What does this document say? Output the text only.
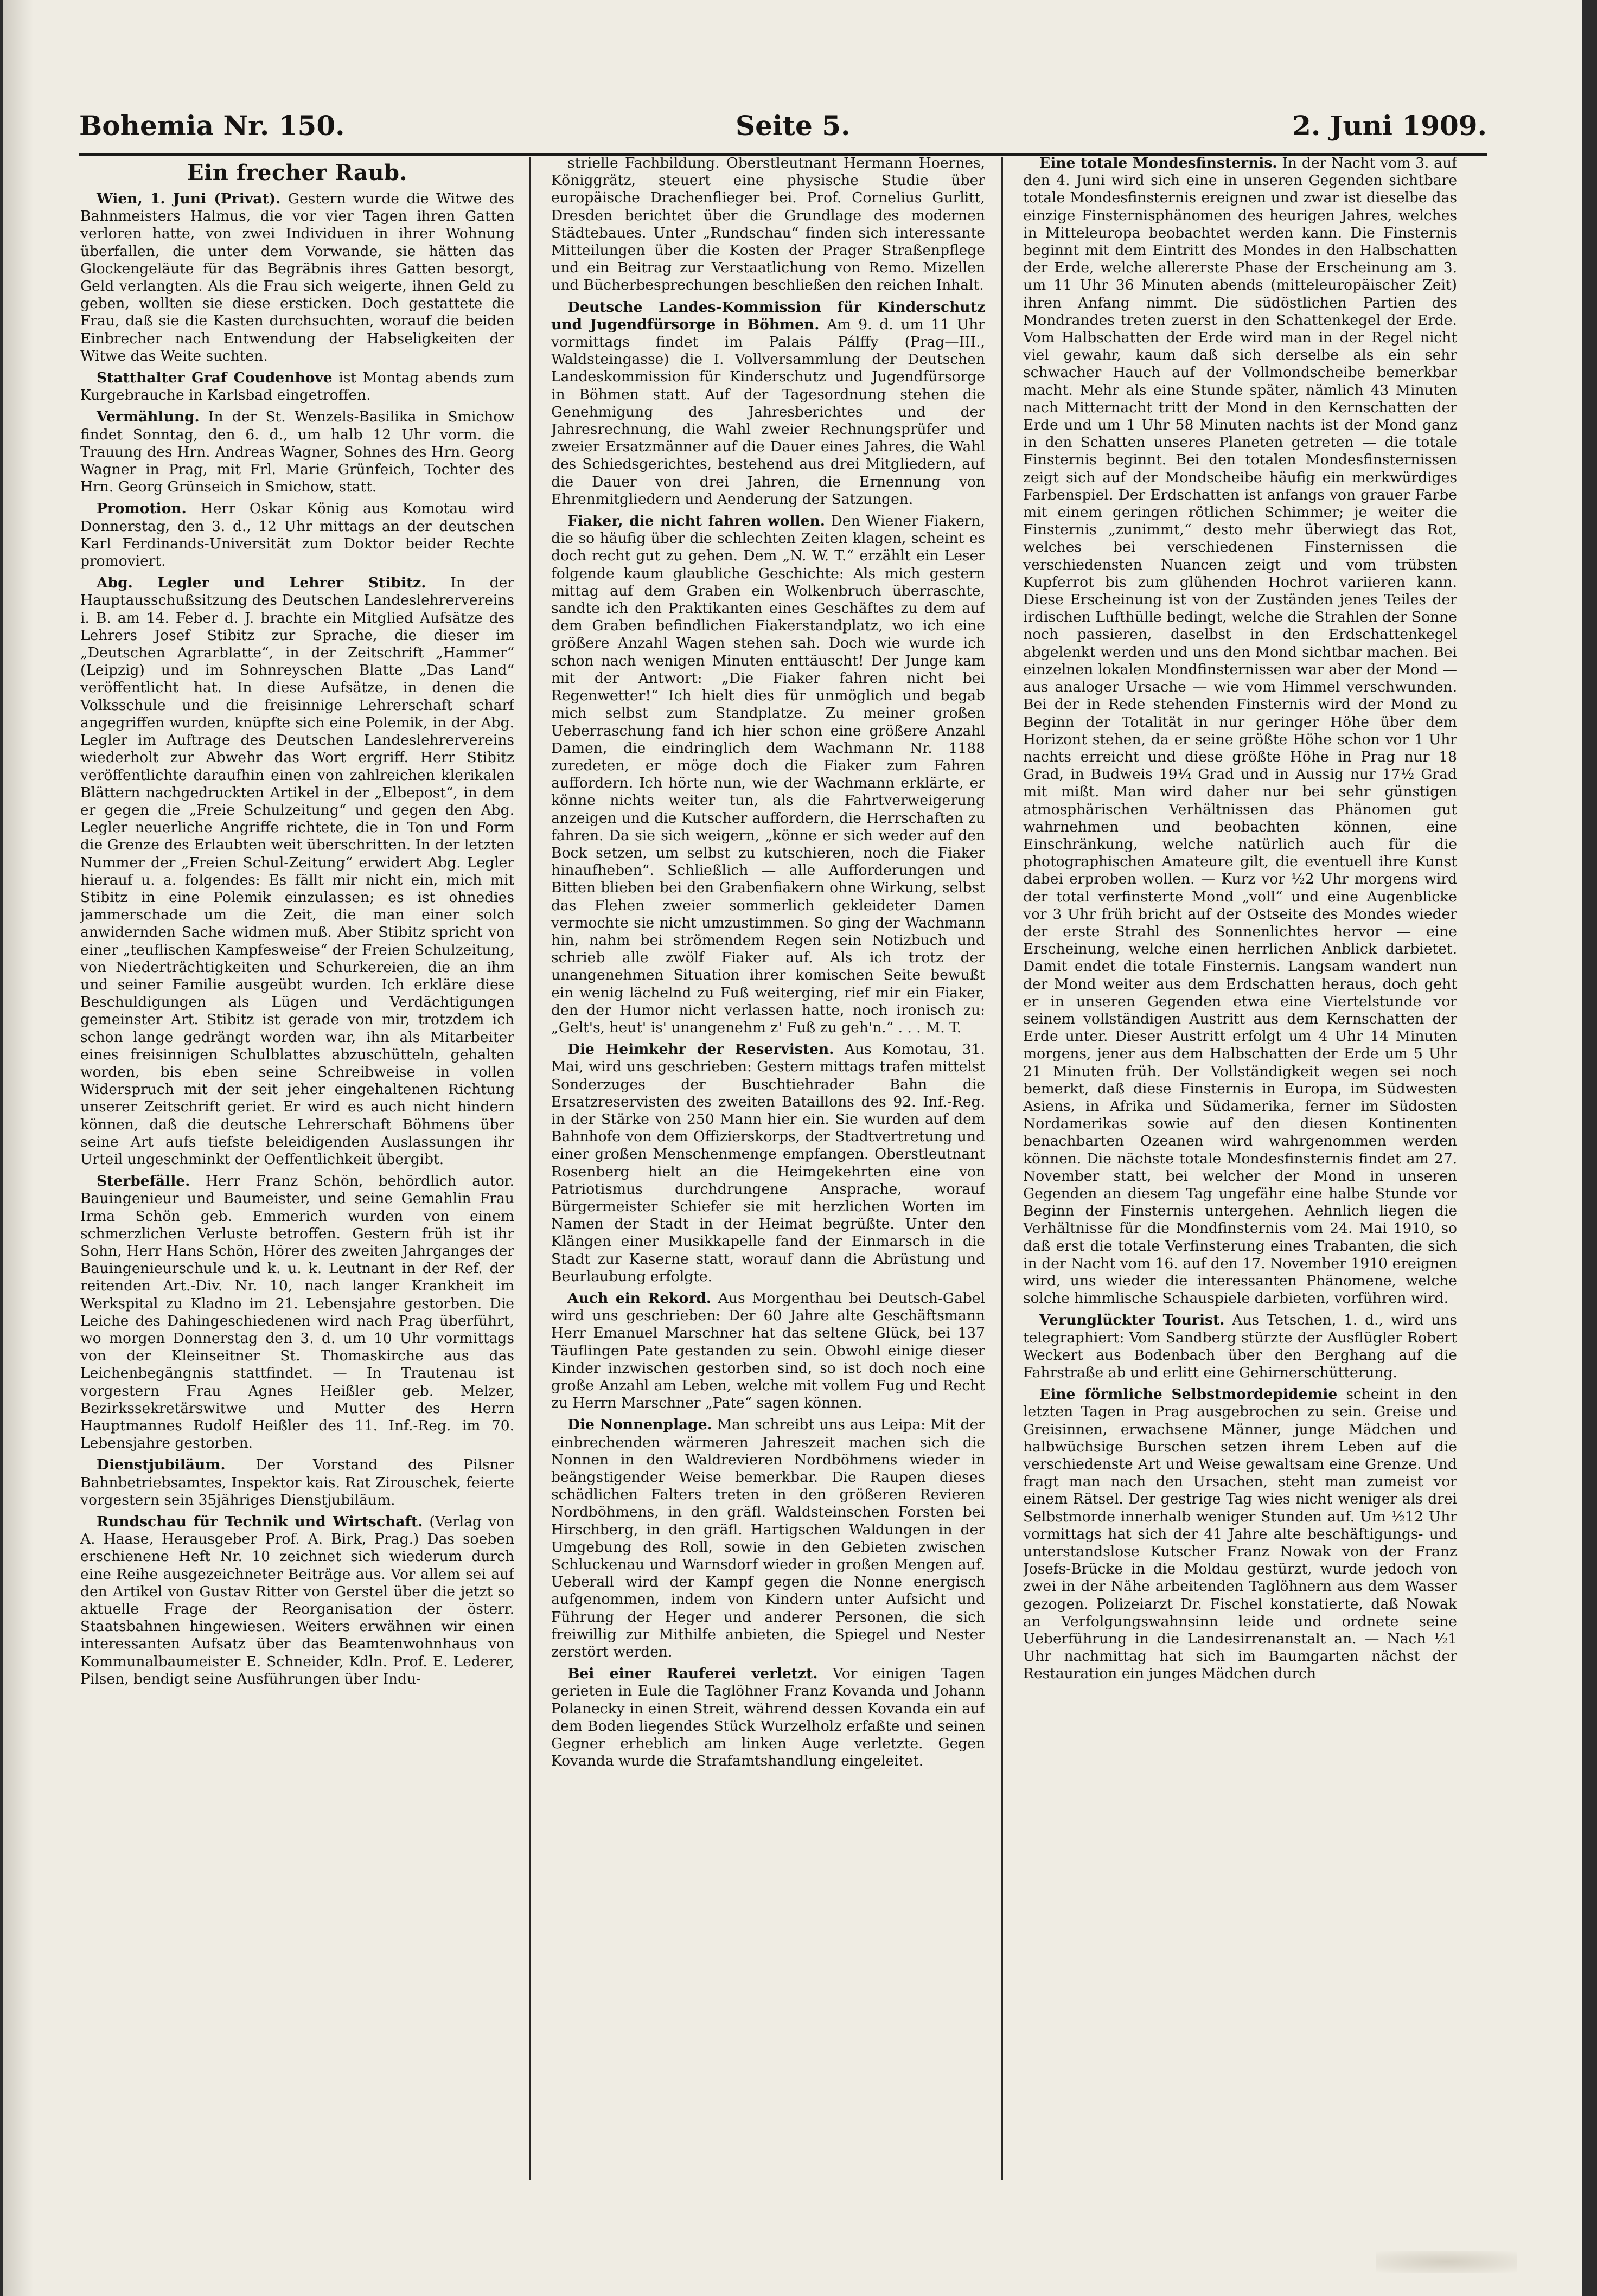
Bohemia Nr. 150.	Seite 5.	2. Juni 1909.
Ein frecher Raub.

Wien, 1. Juni (Privat). Gestern wurde die Witwe des Bahnmeisters Halmus, die vor vier Tagen ihren Gatten verloren hatte, von zwei Individuen in ihrer Wohnung überfallen, die unter dem Vorwande, sie hätten das Glockengeläute für das Begräbnis ihres Gatten besorgt, Geld verlangten. Als die Frau sich weigerte, ihnen Geld zu geben, wollten sie diese ersticken. Doch gestattete die Frau, daß sie die Kasten durchsuchten, worauf die beiden Einbrecher nach Entwendung der Habseligkeiten der Witwe das Weite suchten.

Statthalter Graf Coudenhove ist Montag abends zum Kurgebrauche in Karlsbad eingetroffen.

Vermählung. In der St. Wenzels-Basilika in Smichow findet Sonntag, den 6. d., um halb 12 Uhr vorm. die Trauung des Hrn. Andreas Wagner, Sohnes des Hrn. Georg Wagner in Prag, mit Frl. Marie Grünfeich, Tochter des Hrn. Georg Grünseich in Smichow, statt.

Promotion. Herr Oskar König aus Komotau wird Donnerstag, den 3. d., 12 Uhr mittags an der deutschen Karl Ferdinands-Universität zum Doktor beider Rechte promoviert.

Abg. Legler und Lehrer Stibitz. In der Hauptausschußsitzung des Deutschen Landeslehrervereins i. B. am 14. Feber d. J. brachte ein Mitglied Aufsätze des Lehrers Josef Stibitz zur Sprache, die dieser im „Deutschen Agrarblatte“, in der Zeitschrift „Hammer“ (Leipzig) und im Sohnreyschen Blatte „Das Land“ veröffentlicht hat. In diese Aufsätze, in denen die Volksschule und die freisinnige Lehrerschaft scharf angegriffen wurden, knüpfte sich eine Polemik, in der Abg. Legler im Auftrage des Deutschen Landeslehrervereins wiederholt zur Abwehr das Wort ergriff. Herr Stibitz veröffentlichte daraufhin einen von zahlreichen klerikalen Blättern nachgedruckten Artikel in der „Elbepost“, in dem er gegen die „Freie Schulzeitung“ und gegen den Abg. Legler neuerliche Angriffe richtete, die in Ton und Form die Grenze des Erlaubten weit überschritten. In der letzten Nummer der „Freien Schul-Zeitung“ erwidert Abg. Legler hierauf u. a. folgendes: Es fällt mir nicht ein, mich mit Stibitz in eine Polemik einzulassen; es ist ohnedies jammerschade um die Zeit, die man einer solch anwidernden Sache widmen muß. Aber Stibitz spricht von einer „teuflischen Kampfesweise“ der Freien Schulzeitung, von Niederträchtigkeiten und Schurkereien, die an ihm und seiner Familie ausgeübt wurden. Ich erkläre diese Beschuldigungen als Lügen und Verdächtigungen gemeinster Art. Stibitz ist gerade von mir, trotzdem ich schon lange gedrängt worden war, ihn als Mitarbeiter eines freisinnigen Schulblattes abzuschütteln, gehalten worden, bis eben seine Schreibweise in vollen Widerspruch mit der seit jeher eingehaltenen Richtung unserer Zeitschrift geriet. Er wird es auch nicht hindern können, daß die deutsche Lehrerschaft Böhmens über seine Art aufs tiefste beleidigenden Auslassungen ihr Urteil ungeschminkt der Oeffentlichkeit übergibt.

Sterbefälle. Herr Franz Schön, behördlich autor. Bauingenieur und Baumeister, und seine Gemahlin Frau Irma Schön geb. Emmerich wurden von einem schmerzlichen Verluste betroffen. Gestern früh ist ihr Sohn, Herr Hans Schön, Hörer des zweiten Jahrganges der Bauingenieurschule und k. u. k. Leutnant in der Ref. der reitenden Art.-Div. Nr. 10, nach langer Krankheit im Werkspital zu Kladno im 21. Lebensjahre gestorben. Die Leiche des Dahingeschiedenen wird nach Prag überführt, wo morgen Donnerstag den 3. d. um 10 Uhr vormittags von der Kleinseitner St. Thomaskirche aus das Leichenbegängnis stattfindet. — In Trautenau ist vorgestern Frau Agnes Heißler geb. Melzer, Bezirkssekretärswitwe und Mutter des Herrn Hauptmannes Rudolf Heißler des 11. Inf.-Reg. im 70. Lebensjahre gestorben.

Dienstjubiläum. Der Vorstand des Pilsner Bahnbetriebsamtes, Inspektor kais. Rat Zirouschek, feierte vorgestern sein 35jähriges Dienstjubiläum.

Rundschau für Technik und Wirtschaft. (Verlag von A. Haase, Herausgeber Prof. A. Birk, Prag.) Das soeben erschienene Heft Nr. 10 zeichnet sich wiederum durch eine Reihe ausgezeichneter Beiträge aus. Vor allem sei auf den Artikel von Gustav Ritter von Gerstel über die jetzt so aktuelle Frage der Reorganisation der österr. Staatsbahnen hingewiesen. Weiters erwähnen wir einen interessanten Aufsatz über das Beamtenwohnhaus von Kommunalbaumeister E. Schneider, Kdln. Prof. E. Lederer, Pilsen, bendigt seine Ausführungen über Indu-

strielle Fachbildung. Oberstleutnant Hermann Hoernes, Königgrätz, steuert eine physische Studie über europäische Drachenflieger bei. Prof. Cornelius Gurlitt, Dresden berichtet über die Grundlage des modernen Städtebaues. Unter „Rundschau“ finden sich interessante Mitteilungen über die Kosten der Prager Straßenpflege und ein Beitrag zur Verstaatlichung von Remo. Mizellen und Bücherbesprechungen beschließen den reichen Inhalt.

Deutsche Landes-Kommission für Kinderschutz und Jugendfürsorge in Böhmen. Am 9. d. um 11 Uhr vormittags findet im Palais Pálffy (Prag—III., Waldsteingasse) die I. Vollversammlung der Deutschen Landeskommission für Kinderschutz und Jugendfürsorge in Böhmen statt. Auf der Tagesordnung stehen die Genehmigung des Jahresberichtes und der Jahresrechnung, die Wahl zweier Rechnungsprüfer und zweier Ersatzmänner auf die Dauer eines Jahres, die Wahl des Schiedsgerichtes, bestehend aus drei Mitgliedern, auf die Dauer von drei Jahren, die Ernennung von Ehrenmitgliedern und Aenderung der Satzungen.

Fiaker, die nicht fahren wollen. Den Wiener Fiakern, die so häufig über die schlechten Zeiten klagen, scheint es doch recht gut zu gehen. Dem „N. W. T.“ erzählt ein Leser folgende kaum glaubliche Geschichte: Als mich gestern mittag auf dem Graben ein Wolkenbruch überraschte, sandte ich den Praktikanten eines Geschäftes zu dem auf dem Graben befindlichen Fiakerstandplatz, wo ich eine größere Anzahl Wagen stehen sah. Doch wie wurde ich schon nach wenigen Minuten enttäuscht! Der Junge kam mit der Antwort: „Die Fiaker fahren nicht bei Regenwetter!“ Ich hielt dies für unmöglich und begab mich selbst zum Standplatze. Zu meiner großen Ueberraschung fand ich hier schon eine größere Anzahl Damen, die eindringlich dem Wachmann Nr. 1188 zuredeten, er möge doch die Fiaker zum Fahren auffordern. Ich hörte nun, wie der Wachmann erklärte, er könne nichts weiter tun, als die Fahrtverweigerung anzeigen und die Kutscher auffordern, die Herrschaften zu fahren. Da sie sich weigern, „könne er sich weder auf den Bock setzen, um selbst zu kutschieren, noch die Fiaker hinaufheben“. Schließlich — alle Aufforderungen und Bitten blieben bei den Grabenfiakern ohne Wirkung, selbst das Flehen zweier sommerlich gekleideter Damen vermochte sie nicht umzustimmen. So ging der Wachmann hin, nahm bei strömendem Regen sein Notizbuch und schrieb alle zwölf Fiaker auf. Als ich trotz der unangenehmen Situation ihrer komischen Seite bewußt ein wenig lächelnd zu Fuß weiterging, rief mir ein Fiaker, den der Humor nicht verlassen hatte, noch ironisch zu: „Gelt's, heut' is' unangenehm z' Fuß zu geh'n.“ . . . M. T.

Die Heimkehr der Reservisten. Aus Komotau, 31. Mai, wird uns geschrieben: Gestern mittags trafen mittelst Sonderzuges der Buschtiehrader Bahn die Ersatzreservisten des zweiten Bataillons des 92. Inf.-Reg. in der Stärke von 250 Mann hier ein. Sie wurden auf dem Bahnhofe von dem Offizierskorps, der Stadtvertretung und einer großen Menschenmenge empfangen. Oberstleutnant Rosenberg hielt an die Heimgekehrten eine von Patriotismus durchdrungene Ansprache, worauf Bürgermeister Schiefer sie mit herzlichen Worten im Namen der Stadt in der Heimat begrüßte. Unter den Klängen einer Musikkapelle fand der Einmarsch in die Stadt zur Kaserne statt, worauf dann die Abrüstung und Beurlaubung erfolgte.

Auch ein Rekord. Aus Morgenthau bei Deutsch-Gabel wird uns geschrieben: Der 60 Jahre alte Geschäftsmann Herr Emanuel Marschner hat das seltene Glück, bei 137 Täuflingen Pate gestanden zu sein. Obwohl einige dieser Kinder inzwischen gestorben sind, so ist doch noch eine große Anzahl am Leben, welche mit vollem Fug und Recht zu Herrn Marschner „Pate“ sagen können.

Die Nonnenplage. Man schreibt uns aus Leipa: Mit der einbrechenden wärmeren Jahreszeit machen sich die Nonnen in den Waldrevieren Nordböhmens wieder in beängstigender Weise bemerkbar. Die Raupen dieses schädlichen Falters treten in den größeren Revieren Nordböhmens, in den gräfl. Waldsteinschen Forsten bei Hirschberg, in den gräfl. Hartigschen Waldungen in der Umgebung des Roll, sowie in den Gebieten zwischen Schluckenau und Warnsdorf wieder in großen Mengen auf. Ueberall wird der Kampf gegen die Nonne energisch aufgenommen, indem von Kindern unter Aufsicht und Führung der Heger und anderer Personen, die sich freiwillig zur Mithilfe anbieten, die Spiegel und Nester zerstört werden.

Bei einer Rauferei verletzt. Vor einigen Tagen gerieten in Eule die Taglöhner Franz Kovanda und Johann Polanecky in einen Streit, während dessen Kovanda ein auf dem Boden liegendes Stück Wurzelholz erfaßte und seinen Gegner erheblich am linken Auge verletzte. Gegen Kovanda wurde die Strafamtshandlung eingeleitet.

Eine totale Mondesfinsternis. In der Nacht vom 3. auf den 4. Juni wird sich eine in unseren Gegenden sichtbare totale Mondesfinsternis ereignen und zwar ist dieselbe das einzige Finsternisphänomen des heurigen Jahres, welches in Mitteleuropa beobachtet werden kann. Die Finsternis beginnt mit dem Eintritt des Mondes in den Halbschatten der Erde, welche allererste Phase der Erscheinung am 3. um 11 Uhr 36 Minuten abends (mitteleuropäischer Zeit) ihren Anfang nimmt. Die südöstlichen Partien des Mondrandes treten zuerst in den Schattenkegel der Erde. Vom Halbschatten der Erde wird man in der Regel nicht viel gewahr, kaum daß sich derselbe als ein sehr schwacher Hauch auf der Vollmondscheibe bemerkbar macht. Mehr als eine Stunde später, nämlich 43 Minuten nach Mitternacht tritt der Mond in den Kernschatten der Erde und um 1 Uhr 58 Minuten nachts ist der Mond ganz in den Schatten unseres Planeten getreten — die totale Finsternis beginnt. Bei den totalen Mondesfinsternissen zeigt sich auf der Mondscheibe häufig ein merkwürdiges Farbenspiel. Der Erdschatten ist anfangs von grauer Farbe mit einem geringen rötlichen Schimmer; je weiter die Finsternis „zunimmt,“ desto mehr überwiegt das Rot, welches bei verschiedenen Finsternissen die verschiedensten Nuancen zeigt und vom trübsten Kupferrot bis zum glühenden Hochrot variieren kann. Diese Erscheinung ist von der Zuständen jenes Teiles der irdischen Lufthülle bedingt, welche die Strahlen der Sonne noch passieren, daselbst in den Erdschattenkegel abgelenkt werden und uns den Mond sichtbar machen. Bei einzelnen lokalen Mondfinsternissen war aber der Mond — aus analoger Ursache — wie vom Himmel verschwunden. Bei der in Rede stehenden Finsternis wird der Mond zu Beginn der Totalität in nur geringer Höhe über dem Horizont stehen, da er seine größte Höhe schon vor 1 Uhr nachts erreicht und diese größte Höhe in Prag nur 18 Grad, in Budweis 19¼ Grad und in Aussig nur 17½ Grad mit mißt. Man wird daher nur bei sehr günstigen atmosphärischen Verhältnissen das Phänomen gut wahrnehmen und beobachten können, eine Einschränkung, welche natürlich auch für die photographischen Amateure gilt, die eventuell ihre Kunst dabei erproben wollen. — Kurz vor ½2 Uhr morgens wird der total verfinsterte Mond „voll“ und eine Augenblicke vor 3 Uhr früh bricht auf der Ostseite des Mondes wieder der erste Strahl des Sonnenlichtes hervor — eine Erscheinung, welche einen herrlichen Anblick darbietet. Damit endet die totale Finsternis. Langsam wandert nun der Mond weiter aus dem Erdschatten heraus, doch geht er in unseren Gegenden etwa eine Viertelstunde vor seinem vollständigen Austritt aus dem Kernschatten der Erde unter. Dieser Austritt erfolgt um 4 Uhr 14 Minuten morgens, jener aus dem Halbschatten der Erde um 5 Uhr 21 Minuten früh. Der Vollständigkeit wegen sei noch bemerkt, daß diese Finsternis in Europa, im Südwesten Asiens, in Afrika und Südamerika, ferner im Südosten Nordamerikas sowie auf den diesen Kontinenten benachbarten Ozeanen wird wahrgenommen werden können. Die nächste totale Mondesfinsternis findet am 27. November statt, bei welcher der Mond in unseren Gegenden an diesem Tag ungefähr eine halbe Stunde vor Beginn der Finsternis untergehen. Aehnlich liegen die Verhältnisse für die Mondfinsternis vom 24. Mai 1910, so daß erst die totale Verfinsterung eines Trabanten, die sich in der Nacht vom 16. auf den 17. November 1910 ereignen wird, uns wieder die interessanten Phänomene, welche solche himmlische Schauspiele darbieten, vorführen wird.

Verunglückter Tourist. Aus Tetschen, 1. d., wird uns telegraphiert: Vom Sandberg stürzte der Ausflügler Robert Weckert aus Bodenbach über den Berghang auf die Fahrstraße ab und erlitt eine Gehirnerschütterung.

Eine förmliche Selbstmordepidemie scheint in den letzten Tagen in Prag ausgebrochen zu sein. Greise und Greisinnen, erwachsene Männer, junge Mädchen und halbwüchsige Burschen setzen ihrem Leben auf die verschiedenste Art und Weise gewaltsam eine Grenze. Und fragt man nach den Ursachen, steht man zumeist vor einem Rätsel. Der gestrige Tag wies nicht weniger als drei Selbstmorde innerhalb weniger Stunden auf. Um ½12 Uhr vormittags hat sich der 41 Jahre alte beschäftigungs- und unterstandslose Kutscher Franz Nowak von der Franz Josefs-Brücke in die Moldau gestürzt, wurde jedoch von zwei in der Nähe arbeitenden Taglöhnern aus dem Wasser gezogen. Polizeiarzt Dr. Fischel konstatierte, daß Nowak an Verfolgungswahnsinn leide und ordnete seine Ueberführung in die Landesirrenanstalt an. — Nach ½1 Uhr nachmittag hat sich im Baumgarten nächst der Restauration ein junges Mädchen durch
